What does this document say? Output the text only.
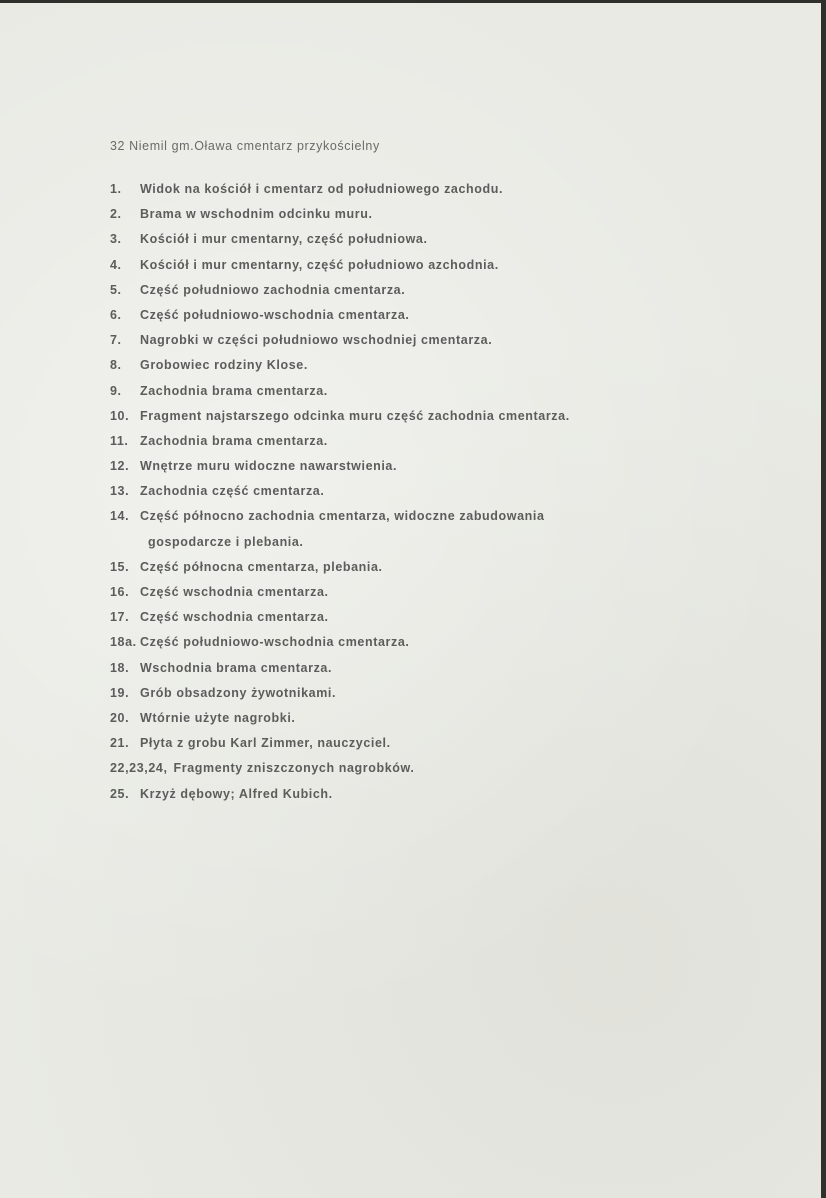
32 Niemil gm.Oława cmentarz przykościelny
1. Widok na kościół i cmentarz od południowego zachodu.
2. Brama w wschodnim odcinku muru.
3. Kościół i mur cmentarny, część południowa.
4. Kościół i mur cmentarny, część południowo azchodnia.
5. Część południowo zachodnia cmentarza.
6. Część południowo-wschodnia cmentarza.
7. Nagrobki w części południowo wschodniej cmentarza.
8. Grobowiec rodziny Klose.
9. Zachodnia brama cmentarza.
10. Fragment najstarszego odcinka muru część zachodnia cmentarza.
11. Zachodnia brama cmentarza.
12. Wnętrze muru widoczne nawarstwienia.
13. Zachodnia część cmentarza.
14. Część północno zachodnia cmentarza, widoczne zabudowania
gospodarcze i plebania.
15. Część północna cmentarza, plebania.
16. Część wschodnia cmentarza.
17. Część wschodnia cmentarza.
18a. Część południowo-wschodnia cmentarza.
18. Wschodnia brama cmentarza.
19. Grób obsadzony żywotnikami.
20. Wtórnie użyte nagrobki.
21. Płyta z grobu Karl Zimmer, nauczyciel.
22,23,24, Fragmenty zniszczonych nagrobków.
25. Krzyż dębowy; Alfred Kubich.
